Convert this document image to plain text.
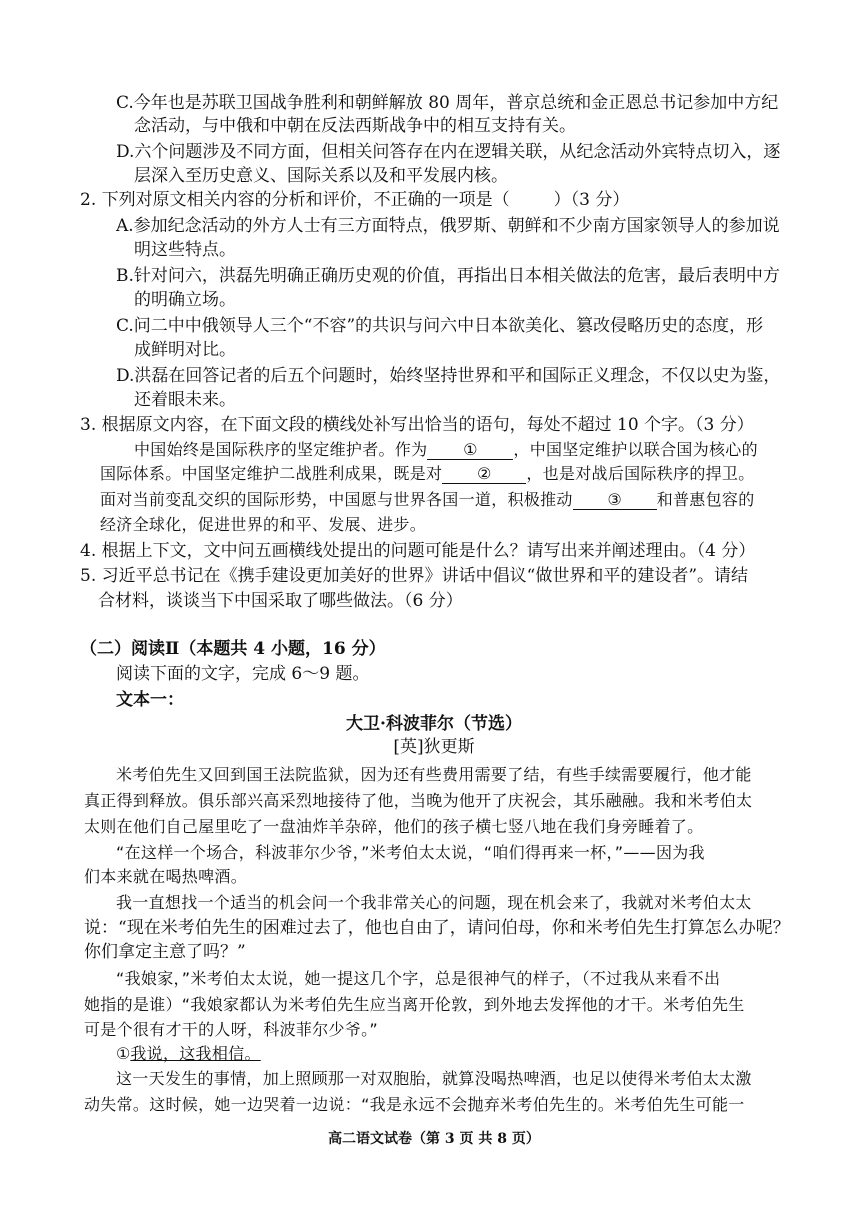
C.今年也是苏联卫国战争胜利和朝鲜解放 80 周年，普京总统和金正恩总书记参加中方纪
念活动，与中俄和中朝在反法西斯战争中的相互支持有关。
D.六个问题涉及不同方面，但相关问答存在内在逻辑关联，从纪念活动外宾特点切入，逐
层深入至历史意义、国际关系以及和平发展内核。
2. 下列对原文相关内容的分析和评价，不正确的一项是（	）（3 分）
A.参加纪念活动的外方人士有三方面特点，俄罗斯、朝鲜和不少南方国家领导人的参加说
明这些特点。
B.针对问六，洪磊先明确正确历史观的价值，再指出日本相关做法的危害，最后表明中方
的明确立场。
C.问二中中俄领导人三个“不容”的共识与问六中日本欲美化、篡改侵略历史的态度，形
成鲜明对比。
D.洪磊在回答记者的后五个问题时，始终坚持世界和平和国际正义理念，不仅以史为鉴，
还着眼未来。
3. 根据原文内容，在下面文段的横线处补写出恰当的语句，每处不超过 10 个字。（3 分）
中国始终是国际秩序的坚定维护者。作为 ① ，中国坚定维护以联合国为核心的
国际体系。中国坚定维护二战胜利成果，既是对 ② ，也是对战后国际秩序的捍卫。
面对当前变乱交织的国际形势，中国愿与世界各国一道，积极推动 ③ 和普惠包容的
经济全球化，促进世界的和平、发展、进步。
4. 根据上下文，文中问五画横线处提出的问题可能是什么？请写出来并阐述理由。（4 分）
5. 习近平总书记在《携手建设更加美好的世界》讲话中倡议“做世界和平的建设者”。请结
合材料，谈谈当下中国采取了哪些做法。（6 分）
（二）阅读Ⅱ（本题共 4 小题，16 分）
阅读下面的文字，完成 6～9 题。
文本一：
大卫·科波菲尔（节选）
[英]狄更斯
米考伯先生又回到国王法院监狱，因为还有些费用需要了结，有些手续需要履行，他才能
真正得到释放。俱乐部兴高采烈地接待了他，当晚为他开了庆祝会，其乐融融。我和米考伯太
太则在他们自己屋里吃了一盘油炸羊杂碎，他们的孩子横七竖八地在我们身旁睡着了。
“在这样一个场合，科波菲尔少爷，”米考伯太太说，“咱们得再来一杯，”——因为我
们本来就在喝热啤酒。
我一直想找一个适当的机会问一个我非常关心的问题，现在机会来了，我就对米考伯太太
说：“现在米考伯先生的困难过去了，他也自由了，请问伯母，你和米考伯先生打算怎么办呢？
你们拿定主意了吗？”
“我娘家，”米考伯太太说，她一提这几个字，总是很神气的样子，（不过我从来看不出
她指的是谁）“我娘家都认为米考伯先生应当离开伦敦，到外地去发挥他的才干。米考伯先生
可是个很有才干的人呀，科波菲尔少爷。”
①我说，这我相信。
这一天发生的事情，加上照顾那一对双胞胎，就算没喝热啤酒，也足以使得米考伯太太激
动失常。这时候，她一边哭着一边说：“我是永远不会抛弃米考伯先生的。米考伯先生可能一
高二语文试卷（第 3 页 共 8 页）
